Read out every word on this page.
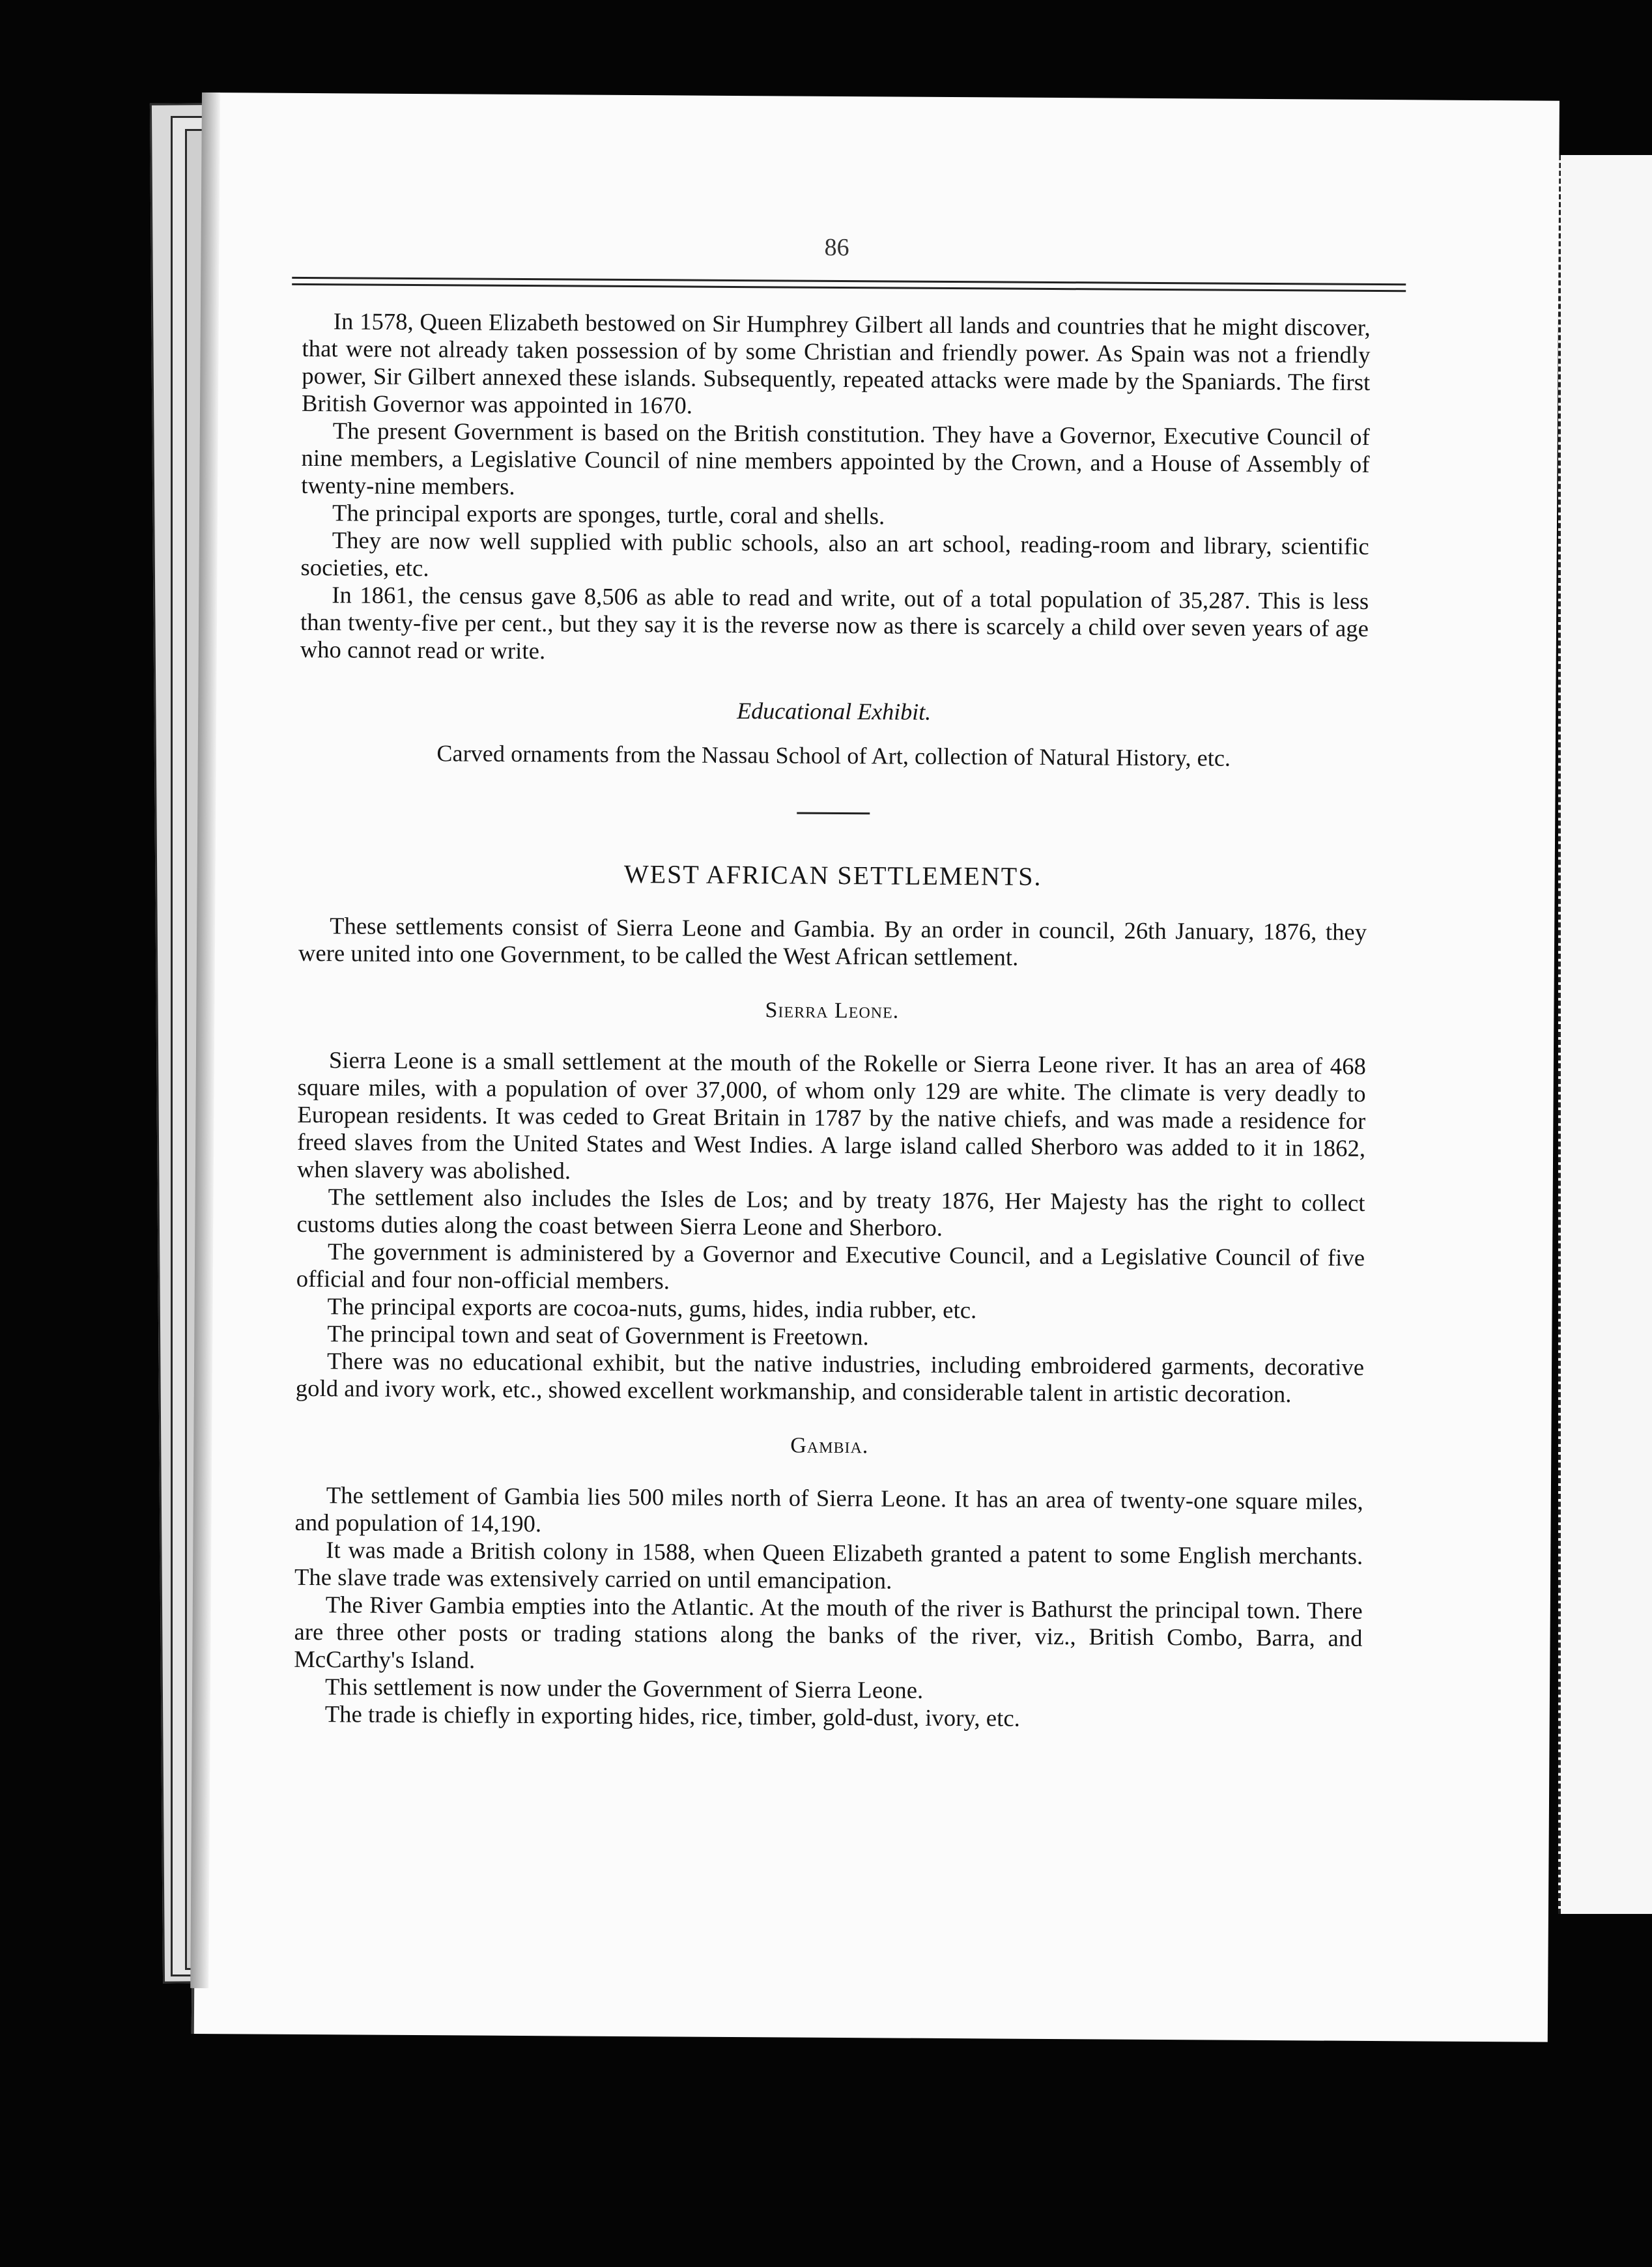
86

In 1578, Queen Elizabeth bestowed on Sir Humphrey Gilbert all lands and countries that he might discover, that were not already taken possession of by some Christian and friendly power. As Spain was not a friendly power, Sir Gilbert annexed these islands. Subsequently, repeated attacks were made by the Spaniards. The first British Governor was appointed in 1670.

The present Government is based on the British constitution. They have a Governor, Executive Council of nine members, a Legislative Council of nine members appointed by the Crown, and a House of Assembly of twenty-nine members.

The principal exports are sponges, turtle, coral and shells.

They are now well supplied with public schools, also an art school, reading-room and library, scientific societies, etc.

In 1861, the census gave 8,506 as able to read and write, out of a total population of 35,287. This is less than twenty-five per cent., but they say it is the reverse now as there is scarcely a child over seven years of age who cannot read or write.

Educational Exhibit.

Carved ornaments from the Nassau School of Art, collection of Natural History, etc.

WEST AFRICAN SETTLEMENTS.

These settlements consist of Sierra Leone and Gambia. By an order in council, 26th January, 1876, they were united into one Government, to be called the West African settlement.

Sierra Leone.

Sierra Leone is a small settlement at the mouth of the Rokelle or Sierra Leone river. It has an area of 468 square miles, with a population of over 37,000, of whom only 129 are white. The climate is very deadly to European residents. It was ceded to Great Britain in 1787 by the native chiefs, and was made a residence for freed slaves from the United States and West Indies. A large island called Sherboro was added to it in 1862, when slavery was abolished.

The settlement also includes the Isles de Los; and by treaty 1876, Her Majesty has the right to collect customs duties along the coast between Sierra Leone and Sherboro.

The government is administered by a Governor and Executive Council, and a Legislative Council of five official and four non-official members.

The principal exports are cocoa-nuts, gums, hides, india rubber, etc.

The principal town and seat of Government is Freetown.

There was no educational exhibit, but the native industries, including embroidered garments, decorative gold and ivory work, etc., showed excellent workmanship, and considerable talent in artistic decoration.

Gambia.

The settlement of Gambia lies 500 miles north of Sierra Leone. It has an area of twenty-one square miles, and population of 14,190.

It was made a British colony in 1588, when Queen Elizabeth granted a patent to some English merchants. The slave trade was extensively carried on until emancipation.

The River Gambia empties into the Atlantic. At the mouth of the river is Bathurst the principal town. There are three other posts or trading stations along the banks of the river, viz., British Combo, Barra, and McCarthy's Island.

This settlement is now under the Government of Sierra Leone.

The trade is chiefly in exporting hides, rice, timber, gold-dust, ivory, etc.
